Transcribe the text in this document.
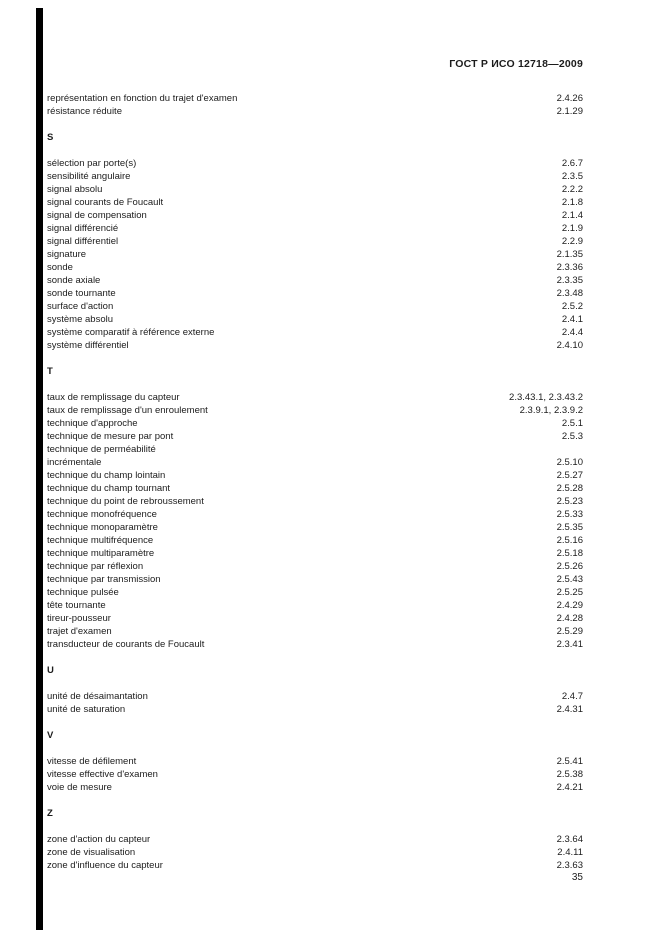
ГОСТ Р ИСО 12718—2009
représentation en fonction du trajet d'examen	2.4.26
résistance réduite	2.1.29
S
sélection par porte(s)	2.6.7
sensibilité angulaire	2.3.5
signal absolu	2.2.2
signal courants de Foucault	2.1.8
signal de compensation	2.1.4
signal différencié	2.1.9
signal différentiel	2.2.9
signature	2.1.35
sonde	2.3.36
sonde axiale	2.3.35
sonde tournante	2.3.48
surface d'action	2.5.2
système absolu	2.4.1
système comparatif à référence externe	2.4.4
système différentiel	2.4.10
T
taux de remplissage du capteur	2.3.43.1, 2.3.43.2
taux de remplissage d'un enroulement	2.3.9.1, 2.3.9.2
technique d'approche	2.5.1
technique de mesure par pont	2.5.3
technique de perméabilité
incrémentale	2.5.10
technique du champ lointain	2.5.27
technique du champ tournant	2.5.28
technique du point de rebroussement	2.5.23
technique monofréquence	2.5.33
technique monoparamètre	2.5.35
technique multifréquence	2.5.16
technique multiparamètre	2.5.18
technique par réflexion	2.5.26
technique par transmission	2.5.43
technique pulsée	2.5.25
tête tournante	2.4.29
tireur-pousseur	2.4.28
trajet d'examen	2.5.29
transducteur de courants de Foucault	2.3.41
U
unité de désaimantation	2.4.7
unité de saturation	2.4.31
V
vitesse de défilement	2.5.41
vitesse effective d'examen	2.5.38
voie de mesure	2.4.21
Z
zone d'action du capteur	2.3.64
zone de visualisation	2.4.11
zone d'influence du capteur	2.3.63
35
